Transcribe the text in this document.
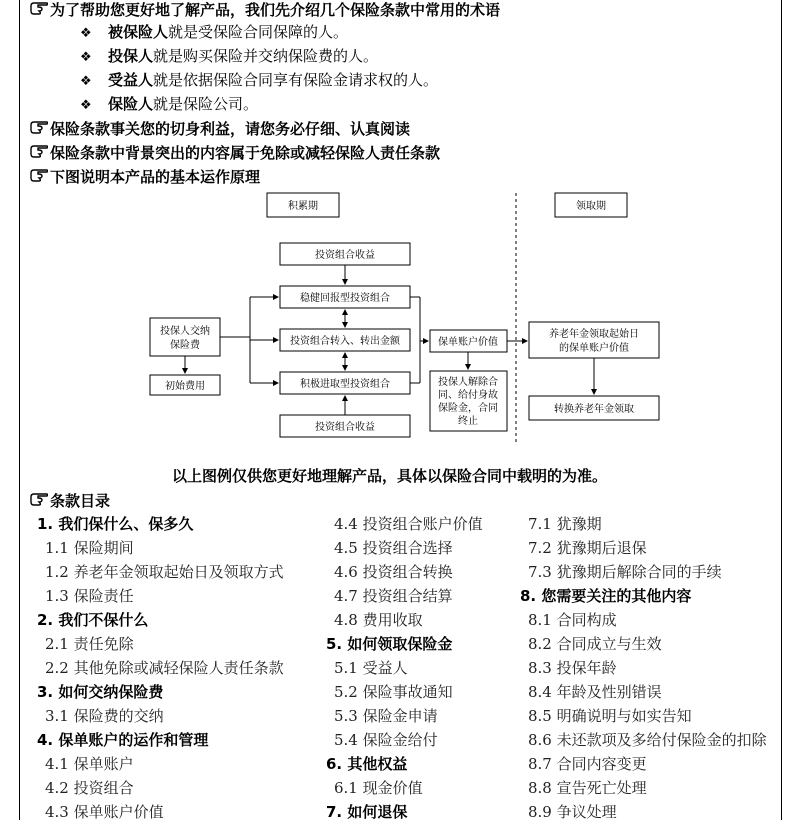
为了帮助您更好地了解产品，我们先介绍几个保险条款中常用的术语
❖ 被保险人就是受保险合同保障的人。
❖ 投保人就是购买保险并交纳保险费的人。
❖ 受益人就是依据保险合同享有保险金请求权的人。
❖ 保险人就是保险公司。
保险条款事关您的切身利益，请您务必仔细、认真阅读
保险条款中背景突出的内容属于免除或减轻保险人责任条款
下图说明本产品的基本运作原理
积累期	领取期
投资组合收益
稳健回报型投资组合
投资组合转入、转出金额
积极进取型投资组合
投资组合收益
投保人交纳
保险费
初始费用
保单账户价值
投保人解除合
同、给付身故
保险金，合同
终止
养老年金领取起始日
的保单账户价值
转换养老年金领取
以上图例仅供您更好地理解产品，具体以保险合同中载明的为准。
条款目录
1. 我们保什么、保多久
1.1 保险期间
1.2 养老年金领取起始日及领取方式
1.3 保险责任
2. 我们不保什么
2.1 责任免除
2.2 其他免除或减轻保险人责任条款
3. 如何交纳保险费
3.1 保险费的交纳
4. 保单账户的运作和管理
4.1 保单账户
4.2 投资组合
4.3 保单账户价值
4.4 投资组合账户价值
4.5 投资组合选择
4.6 投资组合转换
4.7 投资组合结算
4.8 费用收取
5. 如何领取保险金
5.1 受益人
5.2 保险事故通知
5.3 保险金申请
5.4 保险金给付
6. 其他权益
6.1 现金价值
7. 如何退保
7.1 犹豫期
7.2 犹豫期后退保
7.3 犹豫期后解除合同的手续
8. 您需要关注的其他内容
8.1 合同构成
8.2 合同成立与生效
8.3 投保年龄
8.4 年龄及性别错误
8.5 明确说明与如实告知
8.6 未还款项及多给付保险金的扣除
8.7 合同内容变更
8.8 宣告死亡处理
8.9 争议处理
